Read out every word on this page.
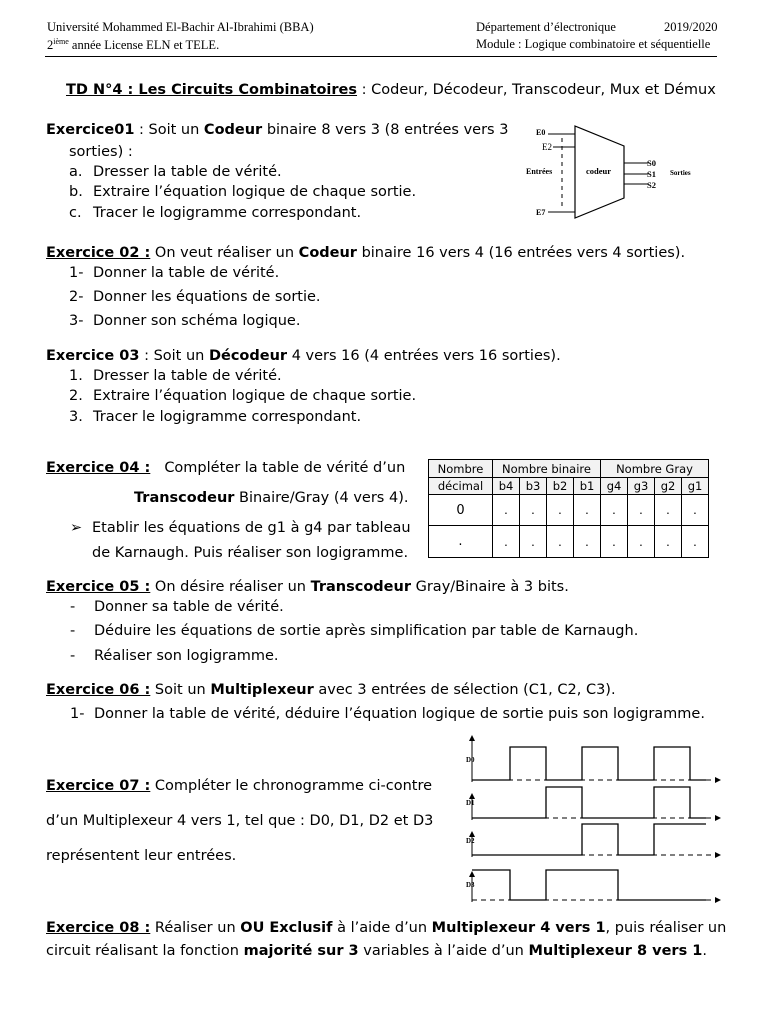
Université Mohammed El-Bachir Al-Ibrahimi (BBA)
2ième année License ELN et TELE.
Département d’électronique	2019/2020
Module : Logique combinatoire et séquentielle
TD N°4 : Les Circuits Combinatoires : Codeur, Décodeur, Transcodeur, Mux et Démux
Exercice01 : Soit un Codeur binaire 8 vers 3 (8 entrées vers 3
sorties) :
a. Dresser la table de vérité.
b. Extraire l’équation logique de chaque sortie.
c. Tracer le logigramme correspondant.
E0
E2
Entrées
E7
codeur
S0
S1
S2
Sorties
Exercice 02 : On veut réaliser un Codeur binaire 16 vers 4 (16 entrées vers 4 sorties).
1- Donner la table de vérité.
2- Donner les équations de sortie.
3- Donner son schéma logique.
Exercice 03 : Soit un Décodeur 4 vers 16 (4 entrées vers 16 sorties).
1. Dresser la table de vérité.
2. Extraire l’équation logique de chaque sortie.
3. Tracer le logigramme correspondant.
Exercice 04 : Compléter la table de vérité d’un
Transcodeur Binaire/Gray (4 vers 4).
➢ Etablir les équations de g1 à g4 par tableau
de Karnaugh. Puis réaliser son logigramme.
Nombre	Nombre binaire				Nombre Gray			
décimal	b4	b3	b2	b1	g4	g3	g2	g1
0	.	.	.	.	.	.	.	.
.	.	.	.	.	.	.	.	.
Exercice 05 : On désire réaliser un Transcodeur Gray/Binaire à 3 bits.
- Donner sa table de vérité.
- Déduire les équations de sortie après simplification par table de Karnaugh.
- Réaliser son logigramme.
Exercice 06 : Soit un Multiplexeur avec 3 entrées de sélection (C1, C2, C3).
1- Donner la table de vérité, déduire l’équation logique de sortie puis son logigramme.
Exercice 07 : Compléter le chronogramme ci-contre
d’un Multiplexeur 4 vers 1, tel que : D0, D1, D2 et D3
représentent leur entrées.
D0
D1
D2
D3
Exercice 08 : Réaliser un OU Exclusif à l’aide d’un Multiplexeur 4 vers 1, puis réaliser un
circuit réalisant la fonction majorité sur 3 variables à l’aide d’un Multiplexeur 8 vers 1.
